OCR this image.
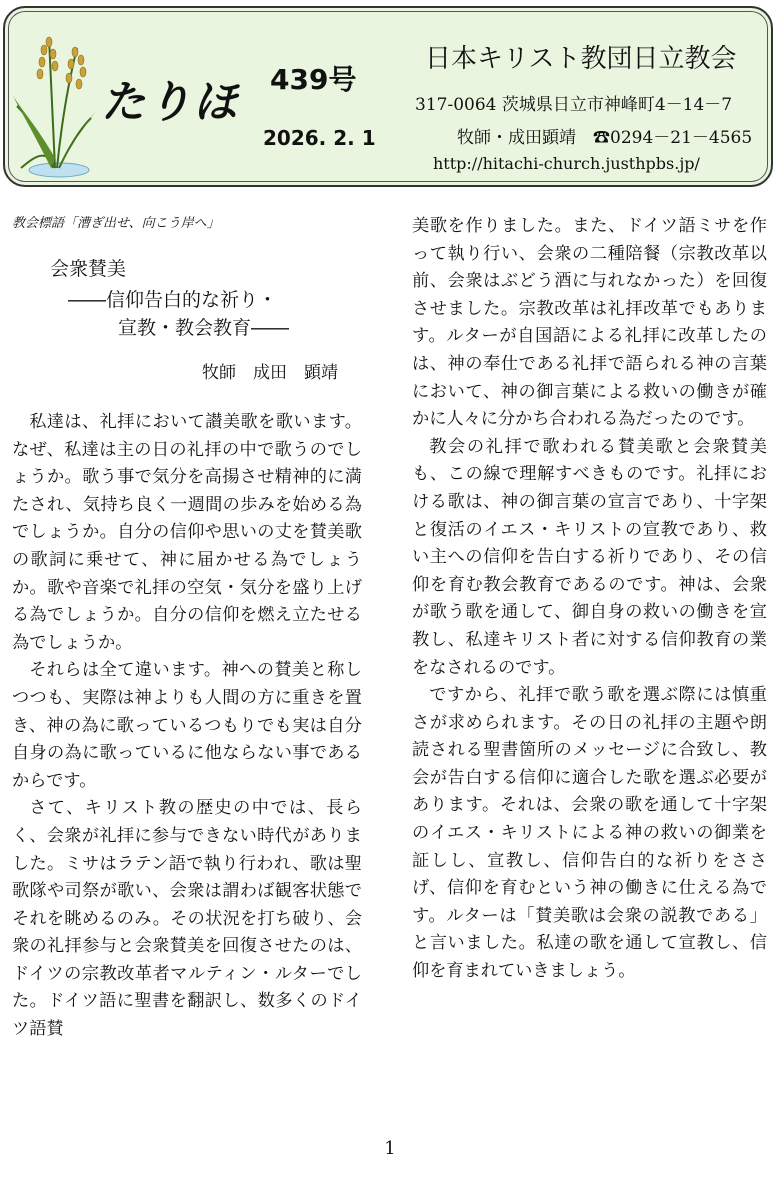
たりほ 439号
2026. 2. 1
日本キリスト教団日立教会
317-0064 茨城県日立市神峰町4－14－7
牧師・成田顕靖　☎0294－21－4565
http://hitachi-church.justhpbs.jp/
教会標語「漕ぎ出せ、向こう岸へ」
会衆賛美
――信仰告白的な祈り・
宣教・教会教育――
牧師　成田　顕靖

私達は、礼拝において讃美歌を歌います。なぜ、私達は主の日の礼拝の中で歌うのでしょうか。歌う事で気分を高揚させ精神的に満たされ、気持ち良く一週間の歩みを始める為でしょうか。自分の信仰や思いの丈を賛美歌の歌詞に乗せて、神に届かせる為でしょうか。歌や音楽で礼拝の空気・気分を盛り上げる為でしょうか。自分の信仰を燃え立たせる為でしょうか。

それらは全て違います。神への賛美と称しつつも、実際は神よりも人間の方に重きを置き、神の為に歌っているつもりでも実は自分自身の為に歌っているに他ならない事であるからです。

さて、キリスト教の歴史の中では、長らく、会衆が礼拝に参与できない時代がありました。ミサはラテン語で執り行われ、歌は聖歌隊や司祭が歌い、会衆は謂わば観客状態でそれを眺めるのみ。その状況を打ち破り、会衆の礼拝参与と会衆賛美を回復させたのは、ドイツの宗教改革者マルティン・ルターでした。ドイツ語に聖書を翻訳し、数多くのドイツ語賛

美歌を作りました。また、ドイツ語ミサを作って執り行い、会衆の二種陪餐（宗教改革以前、会衆はぶどう酒に与れなかった）を回復させました。宗教改革は礼拝改革でもあります。ルターが自国語による礼拝に改革したのは、神の奉仕である礼拝で語られる神の言葉において、神の御言葉による救いの働きが確かに人々に分かち合われる為だったのです。

教会の礼拝で歌われる賛美歌と会衆賛美も、この線で理解すべきものです。礼拝における歌は、神の御言葉の宣言であり、十字架と復活のイエス・キリストの宣教であり、救い主への信仰を告白する祈りであり、その信仰を育む教会教育であるのです。神は、会衆が歌う歌を通して、御自身の救いの働きを宣教し、私達キリスト者に対する信仰教育の業をなされるのです。

ですから、礼拝で歌う歌を選ぶ際には慎重さが求められます。その日の礼拝の主題や朗読される聖書箇所のメッセージに合致し、教会が告白する信仰に適合した歌を選ぶ必要があります。それは、会衆の歌を通して十字架のイエス・キリストによる神の救いの御業を証しし、宣教し、信仰告白的な祈りをささげ、信仰を育むという神の働きに仕える為です。ルターは「賛美歌は会衆の説教である」と言いました。私達の歌を通して宣教し、信仰を育まれていきましょう。

1
